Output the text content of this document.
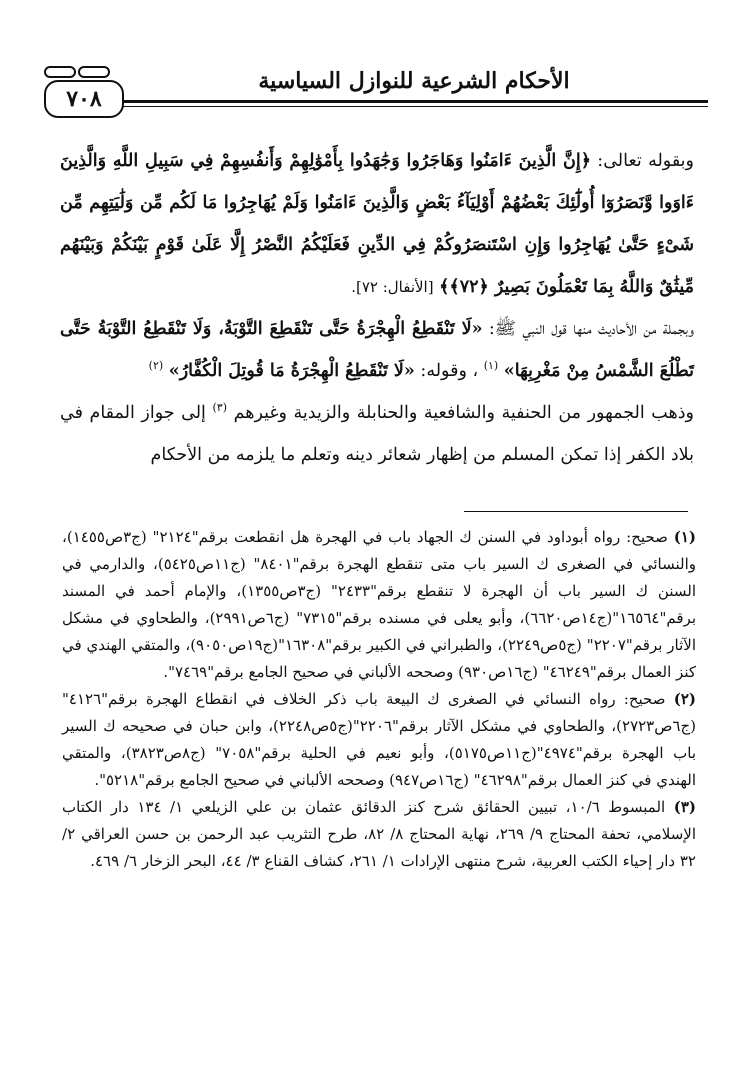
٧٠٨
الأحكام الشرعية للنوازل السياسية

وبقوله تعالى: ﴿إِنَّ الَّذِينَ ءَامَنُوا وَهَاجَرُوا وَجَٰهَدُوا بِأَمْوَٰلِهِمْ وَأَنفُسِهِمْ فِي سَبِيلِ اللَّهِ وَالَّذِينَ ءَاوَوا وَّنَصَرُوٓا أُولَٰٓئِكَ بَعْضُهُمْ أَوْلِيَآءُ بَعْضٍ وَالَّذِينَ ءَامَنُوا وَلَمْ يُهَاجِرُوا مَا لَكُم مِّن وَلَٰيَتِهِم مِّن شَىْءٍ حَتَّىٰ يُهَاجِرُوا وَإِنِ اسْتَنصَرُوكُمْ فِي الدِّينِ فَعَلَيْكُمُ النَّصْرُ إِلَّا عَلَىٰ قَوْمٍ بَيْنَكُمْ وَبَيْنَهُم مِّيثَٰقٌ وَاللَّهُ بِمَا تَعْمَلُونَ بَصِيرٌ ﴿٧٢﴾﴾ [الأنفال: ٧٢].

وبجملة من الأحاديث منها قول النبي ﷺ: «لَا تَنْقَطِعُ الْهِجْرَةُ حَتَّى تَنْقَطِعَ التَّوْبَةُ، وَلَا تَنْقَطِعُ التَّوْبَةُ حَتَّى تَطْلُعَ الشَّمْسُ مِنْ مَغْرِبِهَا» $^{(١)}$ ، وقوله: «لَا تَنْقَطِعُ الْهِجْرَةُ مَا قُوتِلَ الْكُفَّارُ» $^{(٢)}$

وذهب الجمهور من الحنفية والشافعية والحنابلة والزيدية وغيرهم $^{(٣)}$ إلى جواز المقام في بلاد الكفر إذا تمكن المسلم من إظهار شعائر دينه وتعلم ما يلزمه من الأحكام

(١) صحيح: رواه أبوداود في السنن ك الجهاد باب في الهجرة هل انقطعت برقم"٢١٢٤" (ج٣ص١٤٥٥)، والنسائي في الصغرى ك السير باب متى تنقطع الهجرة برقم"٨٤٠١" (ج١١ص٥٤٢٥)، والدارمي في السنن ك السير باب أن الهجرة لا تنقطع برقم"٢٤٣٣" (ج٣ص١٣٥٥)، والإمام أحمد في المسند برقم"١٦٥٦٤"(ج١٤ص٦٦٢٠)، وأبو يعلى في مسنده برقم"٧٣١٥" (ج٦ص٢٩٩١)، والطحاوي في مشكل الآثار برقم"٢٢٠٧" (ج٥ص٢٢٤٩)، والطبراني في الكبير برقم"١٦٣٠٨"(ج١٩ص٩٠٥٠)، والمتقي الهندي في كنز العمال برقم"٤٦٢٤٩" (ج١٦ص٩٣٠) وصححه الألباني في صحيح الجامع برقم"٧٤٦٩".

(٢) صحيح: رواه النسائي في الصغرى ك البيعة باب ذكر الخلاف في انقطاع الهجرة برقم"٤١٢٦" (ج٦ص٢٧٢٣)، والطحاوي في مشكل الآثار برقم"٢٢٠٦"(ج٥ص٢٢٤٨)، وابن حبان في صحيحه ك السير باب الهجرة برقم"٤٩٧٤"(ج١١ص٥١٧٥)، وأبو نعيم في الحلية برقم"٧٠٥٨" (ج٨ص٣٨٢٣)، والمتقي الهندي في كنز العمال برقم"٤٦٢٩٨" (ج١٦ص٩٤٧) وصححه الألباني في صحيح الجامع برقم"٥٢١٨".

(٣) المبسوط ١٠/٦، تبيين الحقائق شرح كنز الدقائق عثمان بن علي الزيلعي ١/ ١٣٤ دار الكتاب الإسلامي، تحفة المحتاج ٩/ ٢٦٩، نهاية المحتاج ٨/ ٨٢، طرح التثريب عبد الرحمن بن حسن العراقي ٢/ ٣٢ دار إحياء الكتب العربية، شرح منتهى الإرادات ١/ ٢٦١، كشاف القناع ٣/ ٤٤، البحر الزخار ٦/ ٤٦٩.
